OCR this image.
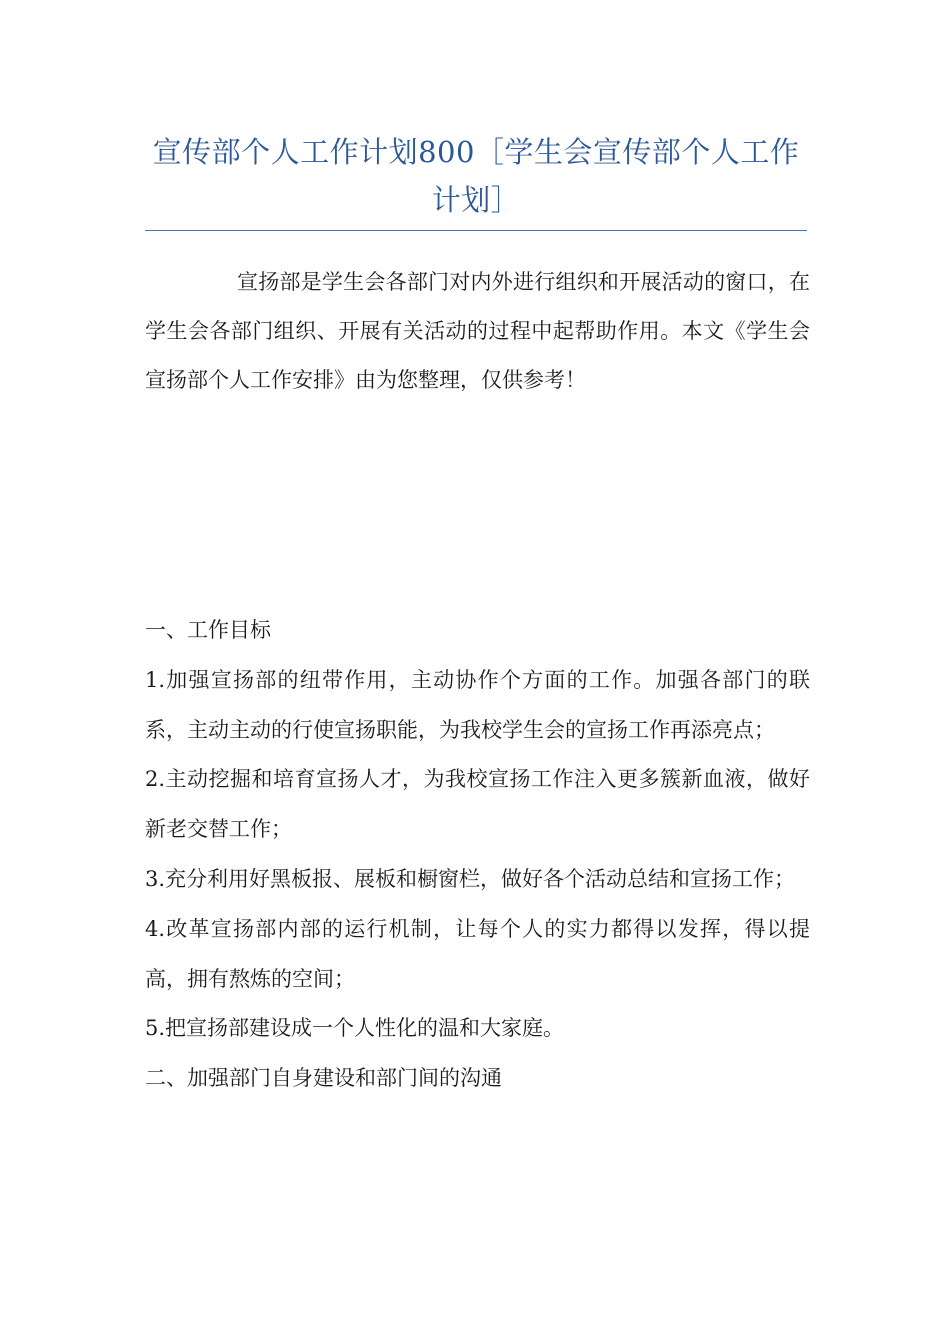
宣传部个人工作计划800［学生会宣传部个人工作计划］

宣扬部是学生会各部门对内外进行组织和开展活动的窗口，在学生会各部门组织、开展有关活动的过程中起帮助作用。本文《学生会宣扬部个人工作安排》由为您整理，仅供参考！

一、工作目标

1.加强宣扬部的纽带作用，主动协作个方面的工作。加强各部门的联系，主动主动的行使宣扬职能，为我校学生会的宣扬工作再添亮点；

2.主动挖掘和培育宣扬人才，为我校宣扬工作注入更多簇新血液，做好新老交替工作；

3.充分利用好黑板报、展板和橱窗栏，做好各个活动总结和宣扬工作；

4.改革宣扬部内部的运行机制，让每个人的实力都得以发挥，得以提高，拥有熬炼的空间；

5.把宣扬部建设成一个人性化的温和大家庭。

二、加强部门自身建设和部门间的沟通
